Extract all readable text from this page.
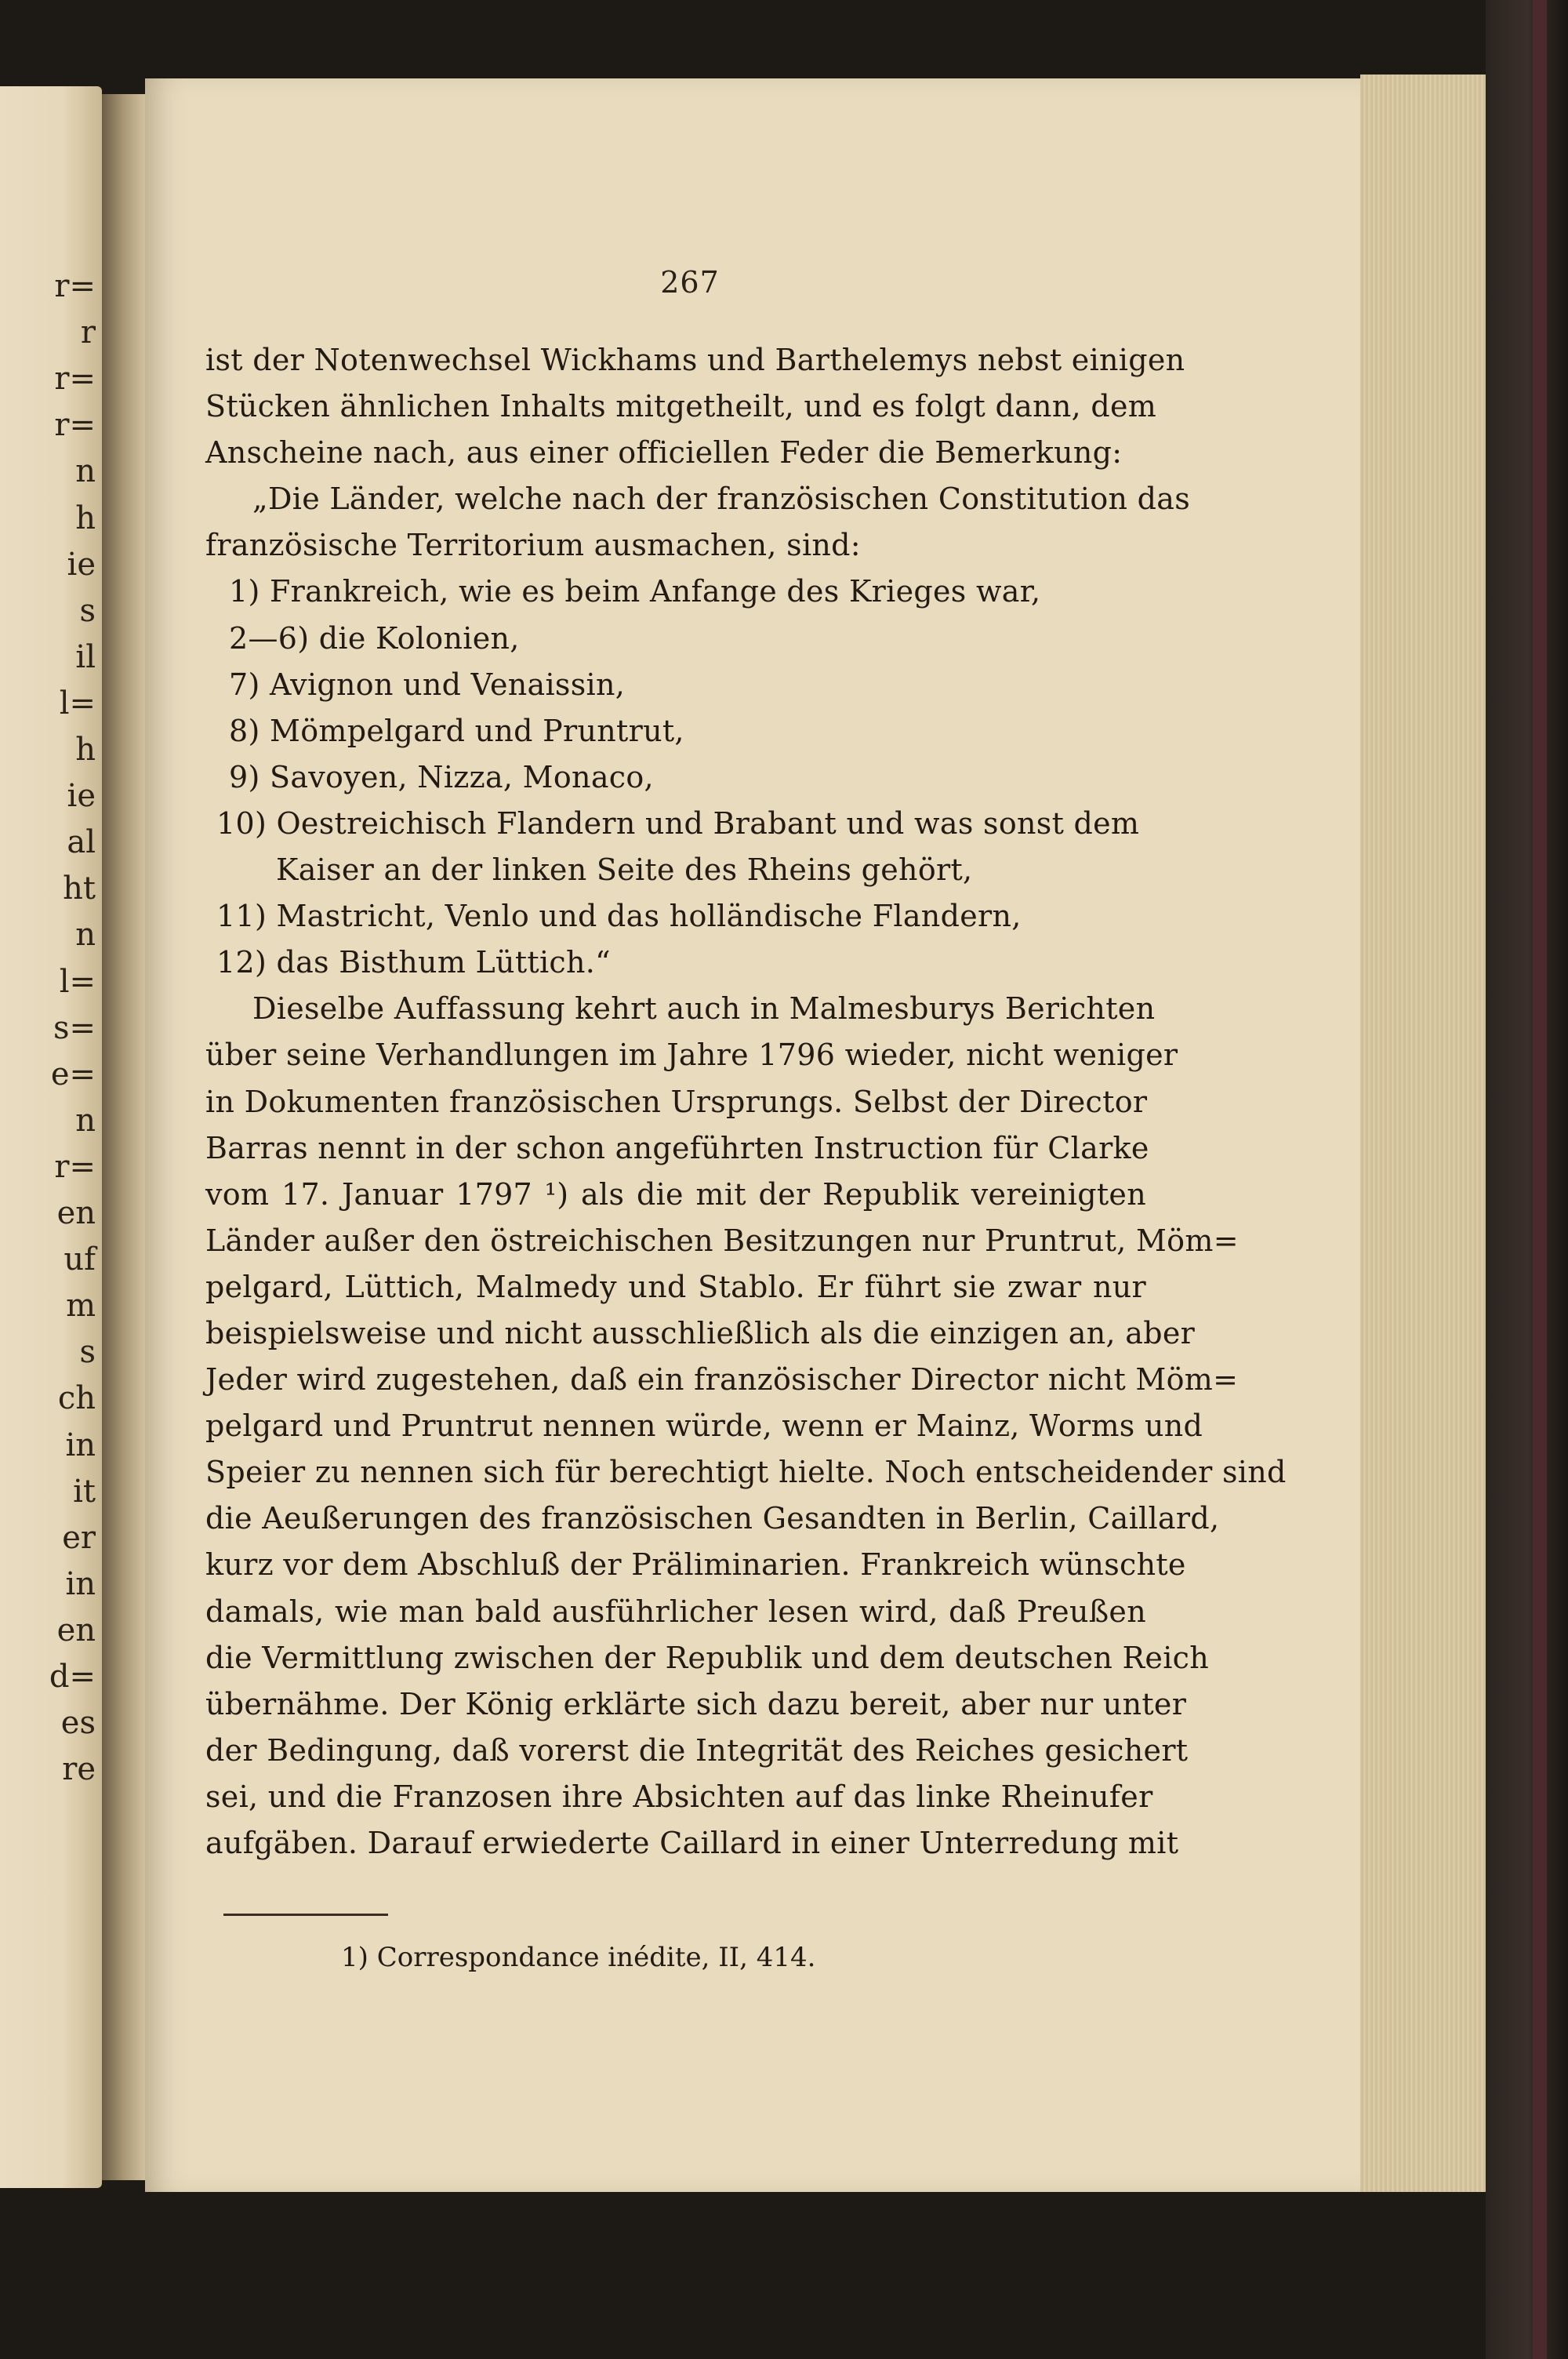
r=
r
r=
r=
n
h
ie
s
il
l=
h
ie
al
ht
n
l=
s=
e=
n
r=
en
uf
m
s
ch
in
it
er
in
en
d=
es
re
267
ist der Notenwechsel Wickhams und Barthelemys nebst einigen
Stücken ähnlichen Inhalts mitgetheilt, und es folgt dann, dem
Anscheine nach, aus einer officiellen Feder die Bemerkung:
„Die Länder, welche nach der französischen Constitution das
französische Territorium ausmachen, sind:
1) Frankreich, wie es beim Anfange des Krieges war,
2—6) die Kolonien,
7) Avignon und Venaissin,
8) Mömpelgard und Pruntrut,
9) Savoyen, Nizza, Monaco,
10) Oestreichisch Flandern und Brabant und was sonst dem
Kaiser an der linken Seite des Rheins gehört,
11) Mastricht, Venlo und das holländische Flandern,
12) das Bisthum Lüttich.“
Dieselbe Auffassung kehrt auch in Malmesburys Berichten
über seine Verhandlungen im Jahre 1796 wieder, nicht weniger
in Dokumenten französischen Ursprungs. Selbst der Director
Barras nennt in der schon angeführten Instruction für Clarke
vom 17. Januar 1797 ¹) als die mit der Republik vereinigten
Länder außer den östreichischen Besitzungen nur Pruntrut, Möm=
pelgard, Lüttich, Malmedy und Stablo. Er führt sie zwar nur
beispielsweise und nicht ausschließlich als die einzigen an, aber
Jeder wird zugestehen, daß ein französischer Director nicht Möm=
pelgard und Pruntrut nennen würde, wenn er Mainz, Worms und
Speier zu nennen sich für berechtigt hielte. Noch entscheidender sind
die Aeußerungen des französischen Gesandten in Berlin, Caillard,
kurz vor dem Abschluß der Präliminarien. Frankreich wünschte
damals, wie man bald ausführlicher lesen wird, daß Preußen
die Vermittlung zwischen der Republik und dem deutschen Reich
übernähme. Der König erklärte sich dazu bereit, aber nur unter
der Bedingung, daß vorerst die Integrität des Reiches gesichert
sei, und die Franzosen ihre Absichten auf das linke Rheinufer
aufgäben. Darauf erwiederte Caillard in einer Unterredung mit
1) Correspondance inédite, II, 414.
